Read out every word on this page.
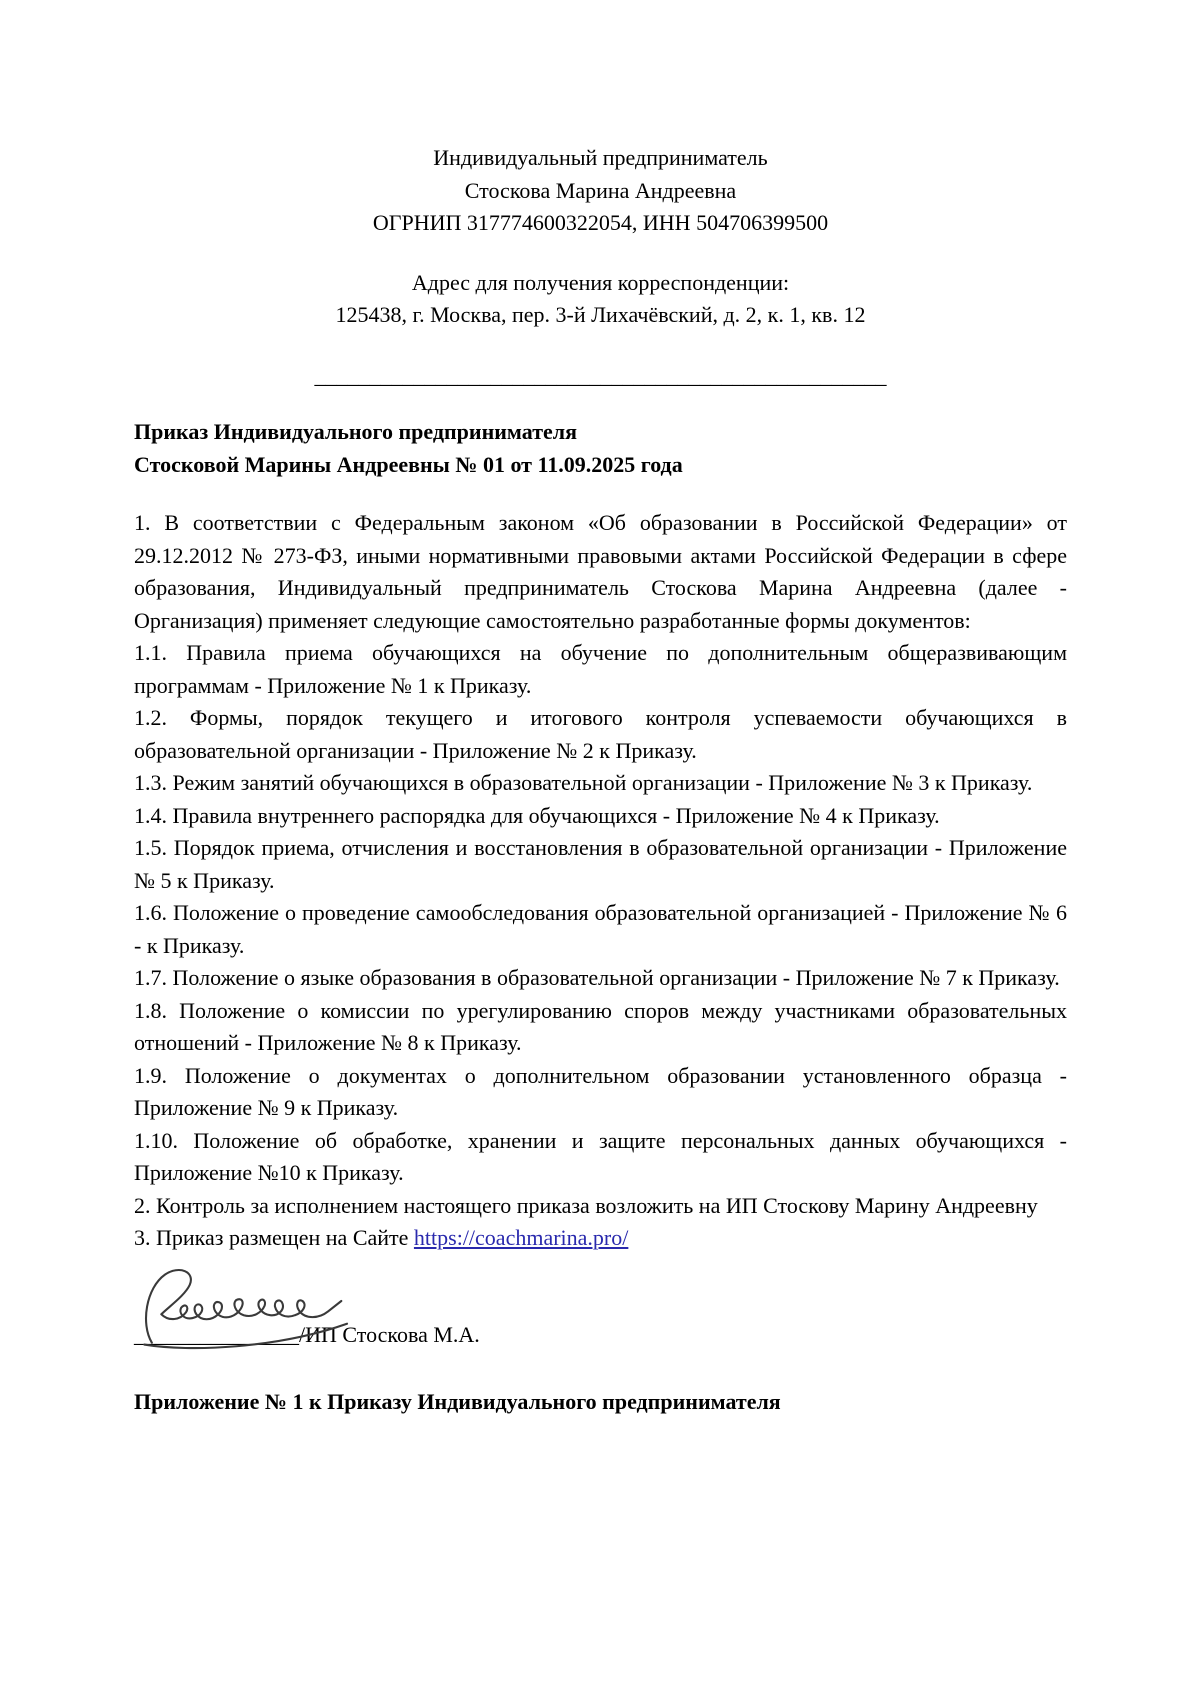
Индивидуальный предприниматель
Стоскова Марина Андреевна
ОГРНИП 317774600322054, ИНН 504706399500
Адрес для получения корреспонденции:
125438, г. Москва, пер. 3-й Лихачёвский, д. 2, к. 1, кв. 12
____________________________________________________
Приказ Индивидуального предпринимателя
Стосковой Марины Андреевны № 01 от 11.09.2025 года

1. В соответствии с Федеральным законом «Об образовании в Российской Федерации» от 29.12.2012 № 273-ФЗ, иными нормативными правовыми актами Российской Федерации в сфере образования, Индивидуальный предприниматель Стоскова Марина Андреевна (далее - Организация) применяет следующие самостоятельно разработанные формы документов:

1.1. Правила приема обучающихся на обучение по дополнительным общеразвивающим программам - Приложение № 1 к Приказу.

1.2. Формы, порядок текущего и итогового контроля успеваемости обучающихся в образовательной организации - Приложение № 2 к Приказу.

1.3. Режим занятий обучающихся в образовательной организации - Приложение № 3 к Приказу.

1.4. Правила внутреннего распорядка для обучающихся - Приложение № 4 к Приказу.

1.5. Порядок приема, отчисления и восстановления в образовательной организации - Приложение № 5 к Приказу.

1.6. Положение о проведение самообследования образовательной организацией - Приложение № 6 - к Приказу.

1.7. Положение о языке образования в образовательной организации - Приложение № 7 к Приказу.

1.8. Положение о комиссии по урегулированию споров между участниками образовательных отношений - Приложение № 8 к Приказу.

1.9. Положение о документах о дополнительном образовании установленного образца - Приложение № 9 к Приказу.

1.10. Положение об обработке, хранении и защите персональных данных обучающихся - Приложение №10 к Приказу.

2. Контроль за исполнением настоящего приказа возложить на ИП Стоскову Марину Андреевну

3. Приказ размещен на Сайте https://coachmarina.pro/

_______________/ИП Стоскова М.А.
Приложение № 1 к Приказу Индивидуального предпринимателя
